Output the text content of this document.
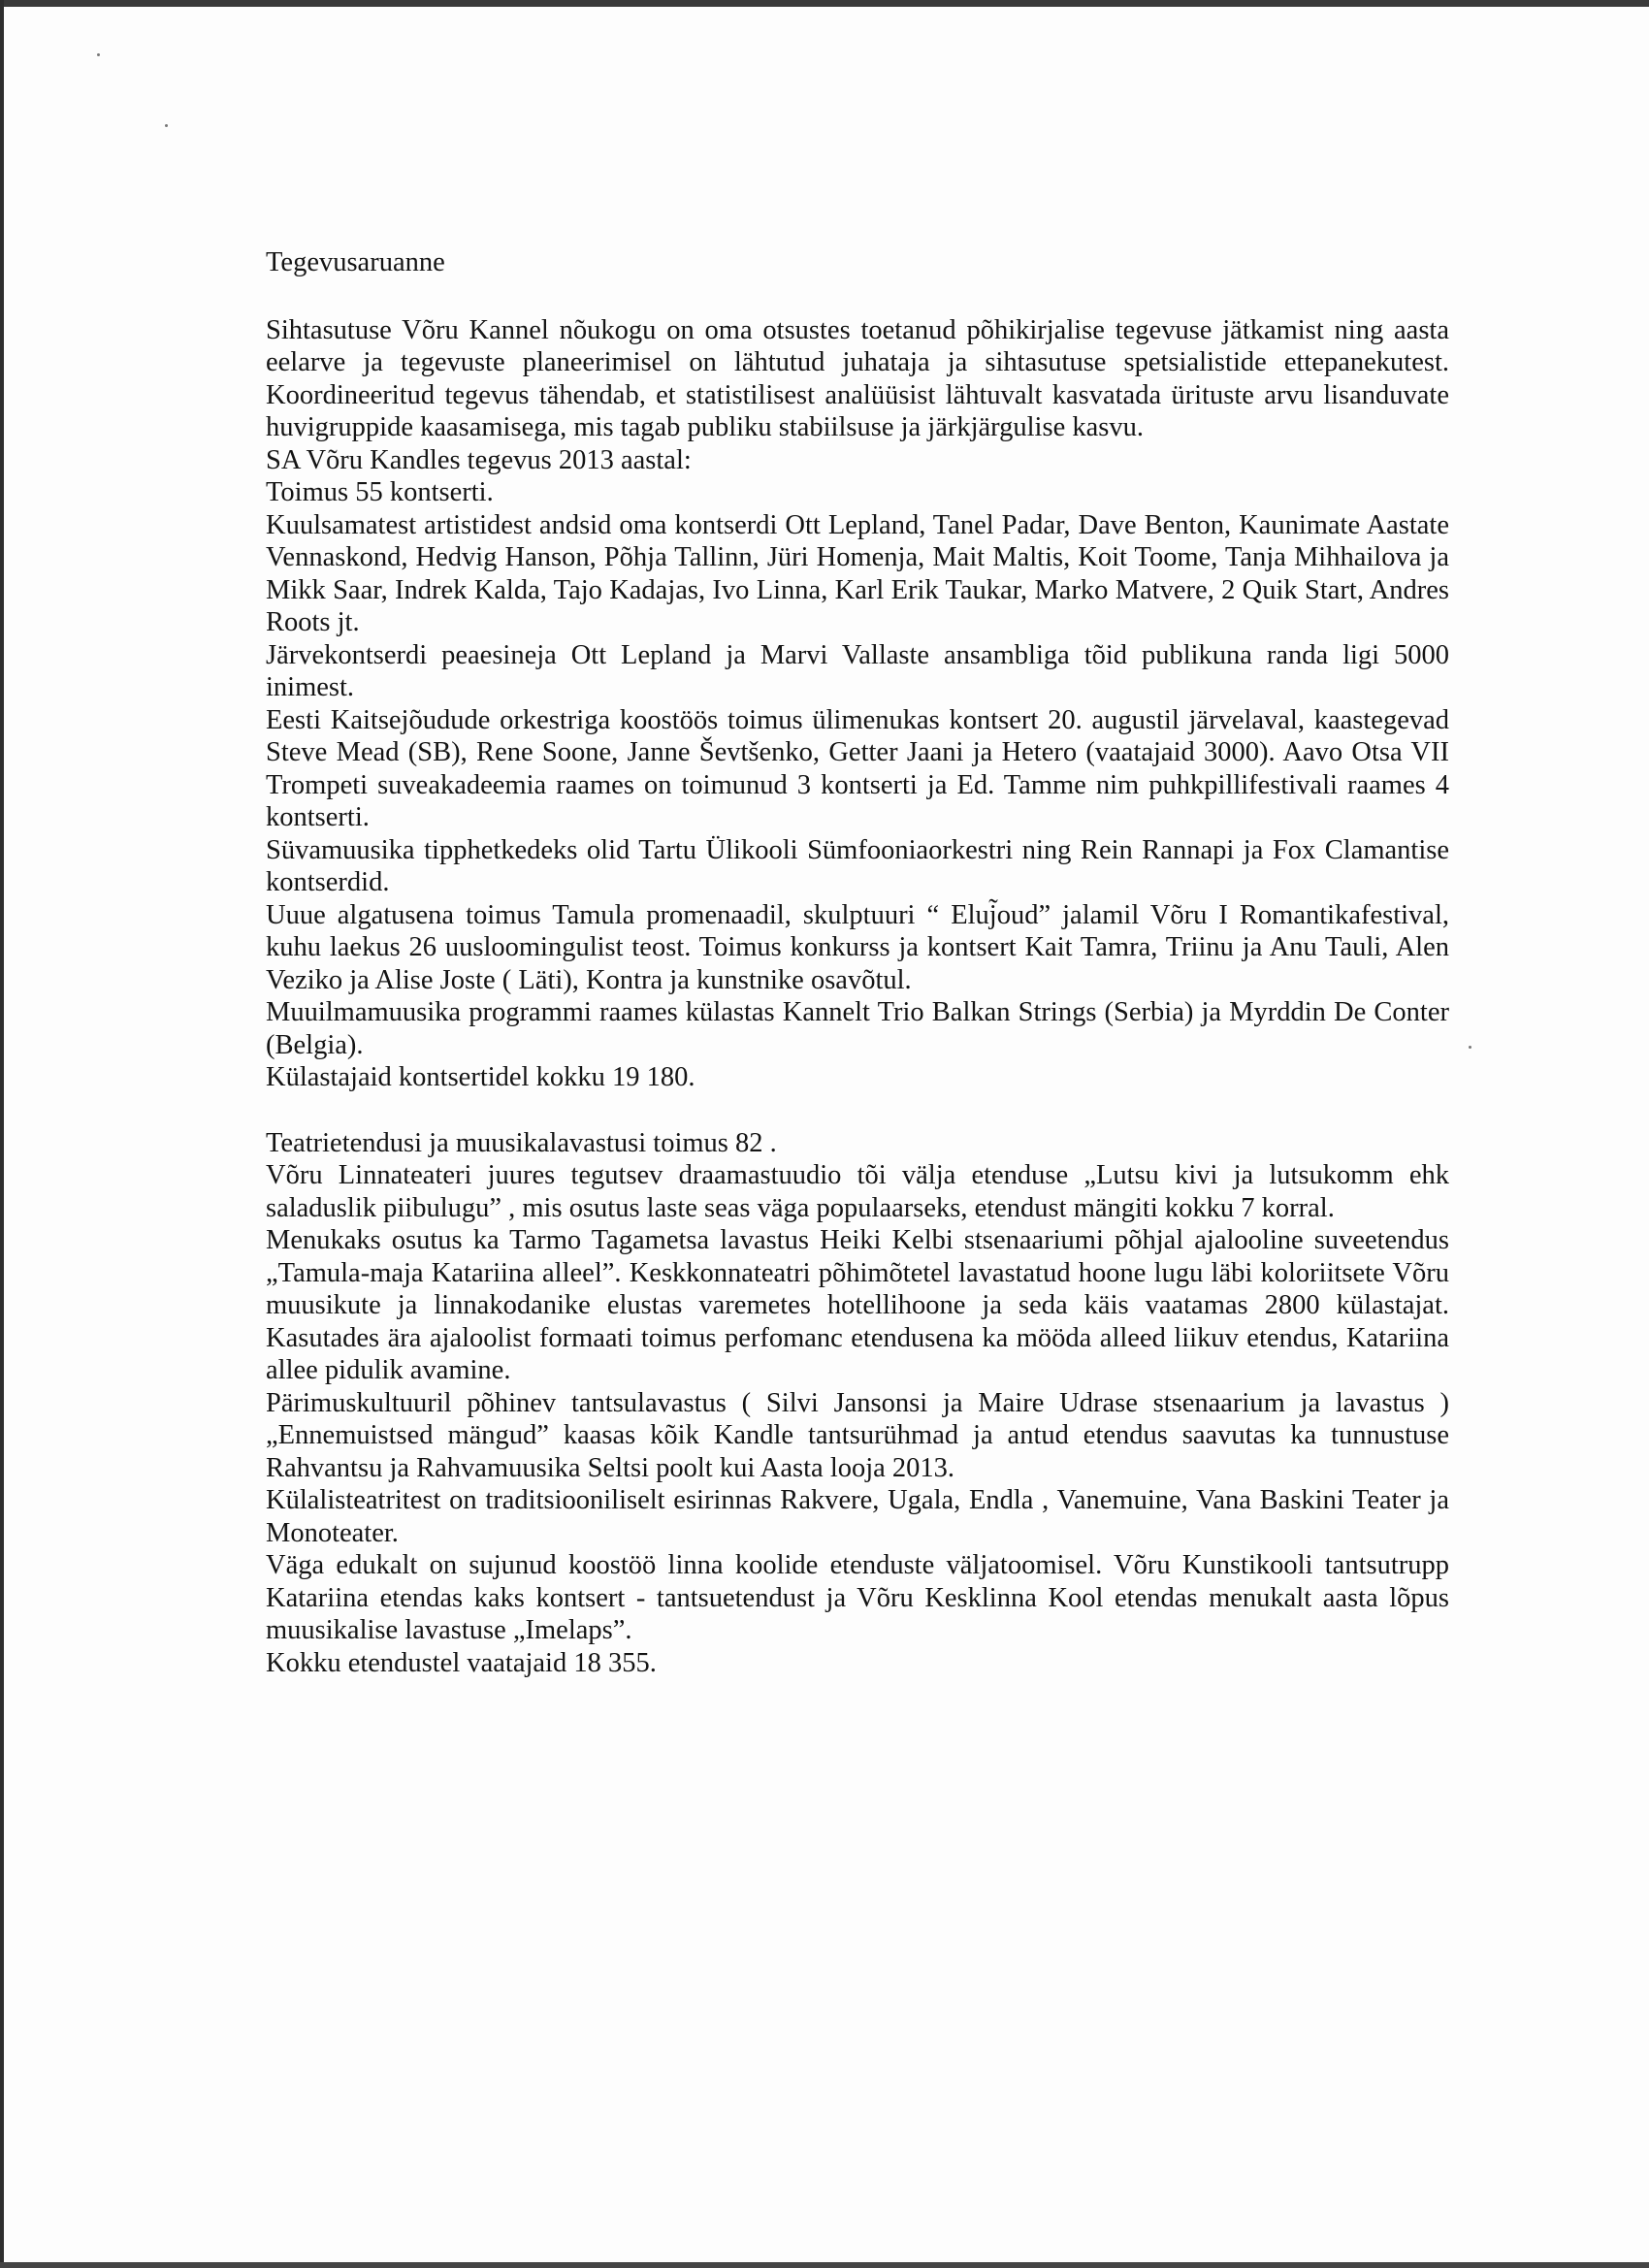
Tegevusaruanne

Sihtasutuse Võru Kannel nõukogu on oma otsustes toetanud põhikirjalise tegevuse jätkamist ning aasta eelarve ja tegevuste planeerimisel on lähtutud juhataja ja sihtasutuse spetsialistide ettepanekutest. Koordineeritud tegevus tähendab, et statistilisest analüüsist lähtuvalt kasvatada ürituste arvu lisanduvate huvigruppide kaasamisega, mis tagab publiku stabiilsuse ja järkjärgulise kasvu.

SA Võru Kandles tegevus 2013 aastal:

Toimus 55 kontserti.

Kuulsamatest artistidest andsid oma kontserdi Ott Lepland, Tanel Padar, Dave Benton, Kaunimate Aastate Vennaskond, Hedvig Hanson, Põhja Tallinn, Jüri Homenja, Mait Maltis, Koit Toome, Tanja Mihhailova ja Mikk Saar, Indrek Kalda, Tajo Kadajas, Ivo Linna, Karl Erik Taukar, Marko Matvere, 2 Quik Start, Andres Roots jt.

Järvekontserdi peaesineja Ott Lepland ja Marvi Vallaste ansambliga tõid publikuna randa ligi 5000 inimest.

Eesti Kaitsejõudude orkestriga koostöös toimus ülimenukas kontsert 20. augustil järvelaval, kaastegevad Steve Mead (SB), Rene Soone, Janne Ševtšenko, Getter Jaani ja Hetero (vaatajaid 3000). Aavo Otsa VII Trompeti suveakadeemia raames on toimunud 3 kontserti ja Ed. Tamme nim puhkpillifestivali raames 4 kontserti.

Süvamuusika tipphetkedeks olid Tartu Ülikooli Sümfooniaorkestri ning Rein Rannapi ja Fox Clamantise kontserdid.

Uuue algatusena toimus Tamula promenaadil, skulptuuri “ Eluj̃oud” jalamil Võru I Romantikafestival, kuhu laekus 26 uusloomingulist teost. Toimus konkurss ja kontsert Kait Tamra, Triinu ja Anu Tauli, Alen Veziko ja Alise Joste ( Läti), Kontra ja kunstnike osavõtul.

Muuilmamuusika programmi raames külastas Kannelt Trio Balkan Strings (Serbia) ja Myrddin De Conter (Belgia).

Külastajaid kontsertidel kokku 19 180.

Teatrietendusi ja muusikalavastusi toimus 82 .

Võru Linnateateri juures tegutsev draamastuudio tõi välja etenduse „Lutsu kivi ja lutsukomm ehk saladuslik piibulugu” , mis osutus laste seas väga populaarseks, etendust mängiti kokku 7 korral.

Menukaks osutus ka Tarmo Tagametsa lavastus Heiki Kelbi stsenaariumi põhjal ajalooline suveetendus „Tamula-maja Katariina alleel”. Keskkonnateatri põhimõtetel lavastatud hoone lugu läbi koloriitsete Võru muusikute ja linnakodanike elustas varemetes hotellihoone ja seda käis vaatamas 2800 külastajat. Kasutades ära ajaloolist formaati toimus perfomanc etendusena ka mööda alleed liikuv etendus, Katariina allee pidulik avamine.

Pärimuskultuuril põhinev tantsulavastus ( Silvi Jansonsi ja Maire Udrase stsenaarium ja lavastus ) „Ennemuistsed mängud” kaasas kõik Kandle tantsurühmad ja antud etendus saavutas ka tunnustuse Rahvantsu ja Rahvamuusika Seltsi poolt kui Aasta looja 2013.

Külalisteatritest on traditsiooniliselt esirinnas Rakvere, Ugala, Endla , Vanemuine, Vana Baskini Teater ja Monoteater.

Väga edukalt on sujunud koostöö linna koolide etenduste väljatoomisel. Võru Kunstikooli tantsutrupp Katariina etendas kaks kontsert - tantsuetendust ja Võru Kesklinna Kool etendas menukalt aasta lõpus muusikalise lavastuse „Imelaps”.

Kokku etendustel vaatajaid 18 355.
